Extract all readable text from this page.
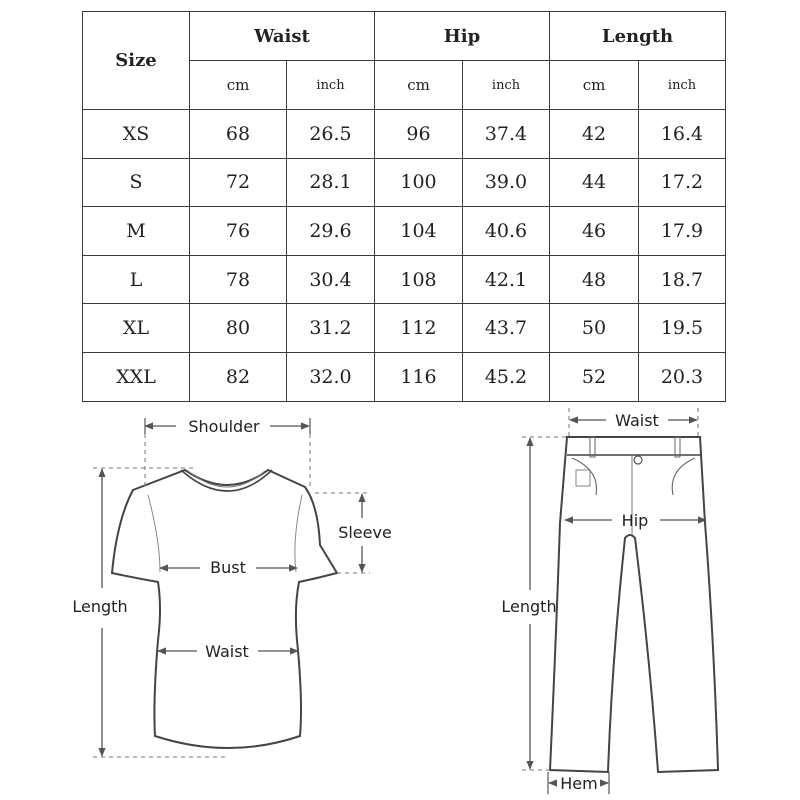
Size	Waist		Hip		Length	
	cm	inch	cm	inch	cm	inch
XS	68	26.5	96	37.4	42	16.4
S	72	28.1	100	39.0	44	17.2
M	76	29.6	104	40.6	46	17.9
L	78	30.4	108	42.1	48	18.7
XL	80	31.2	112	43.7	50	19.5
XXL	82	32.0	116	45.2	52	20.3
Shoulder
Sleeve
Bust
Waist
Length
Waist
Hip
Length
Hem
